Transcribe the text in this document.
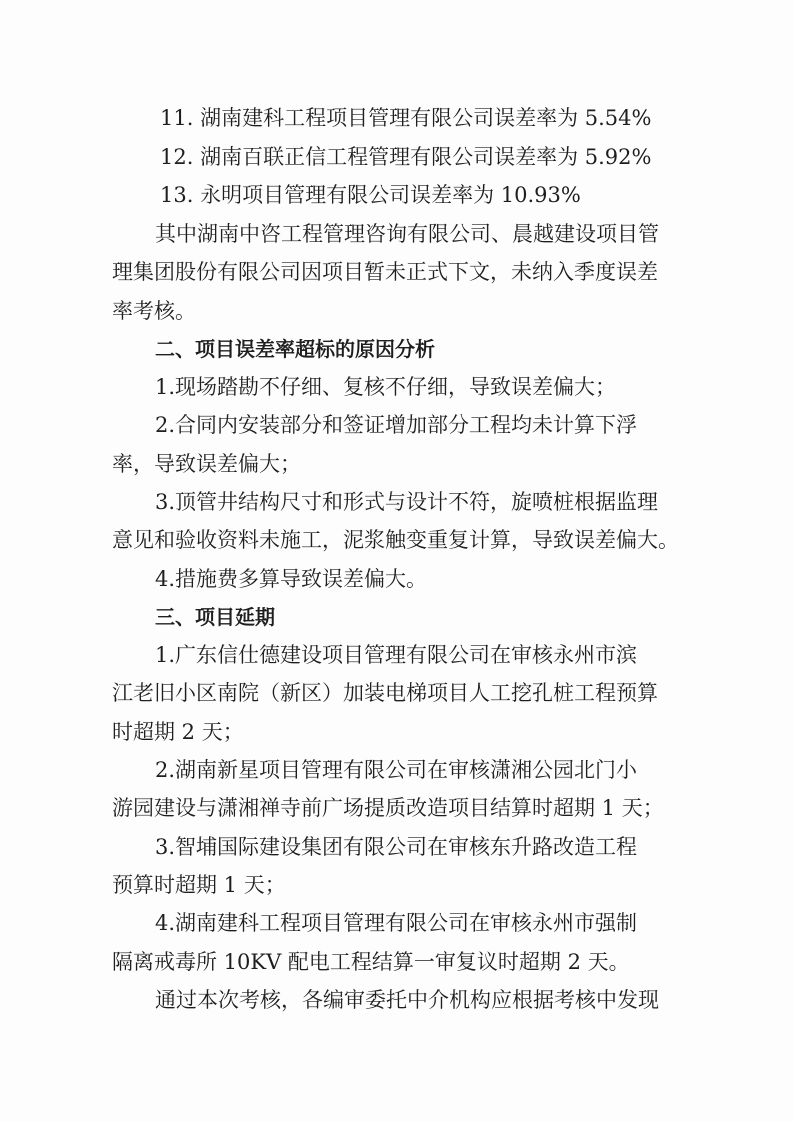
11. 湖南建科工程项目管理有限公司误差率为 5.54%
12. 湖南百联正信工程管理有限公司误差率为 5.92%
13. 永明项目管理有限公司误差率为 10.93%
其中湖南中咨工程管理咨询有限公司、晨越建设项目管
理集团股份有限公司因项目暂未正式下文，未纳入季度误差
率考核。
二、项目误差率超标的原因分析
1.现场踏勘不仔细、复核不仔细，导致误差偏大；
2.合同内安装部分和签证增加部分工程均未计算下浮
率，导致误差偏大；
3.顶管井结构尺寸和形式与设计不符，旋喷桩根据监理
意见和验收资料未施工，泥浆触变重复计算，导致误差偏大。
4.措施费多算导致误差偏大。
三、项目延期
1.广东信仕德建设项目管理有限公司在审核永州市滨
江老旧小区南院（新区）加装电梯项目人工挖孔桩工程预算
时超期 2 天；
2.湖南新星项目管理有限公司在审核潇湘公园北门小
游园建设与潇湘禅寺前广场提质改造项目结算时超期 1 天；
3.智埔国际建设集团有限公司在审核东升路改造工程
预算时超期 1 天；
4.湖南建科工程项目管理有限公司在审核永州市强制
隔离戒毒所 10KV 配电工程结算一审复议时超期 2 天。
通过本次考核，各编审委托中介机构应根据考核中发现
